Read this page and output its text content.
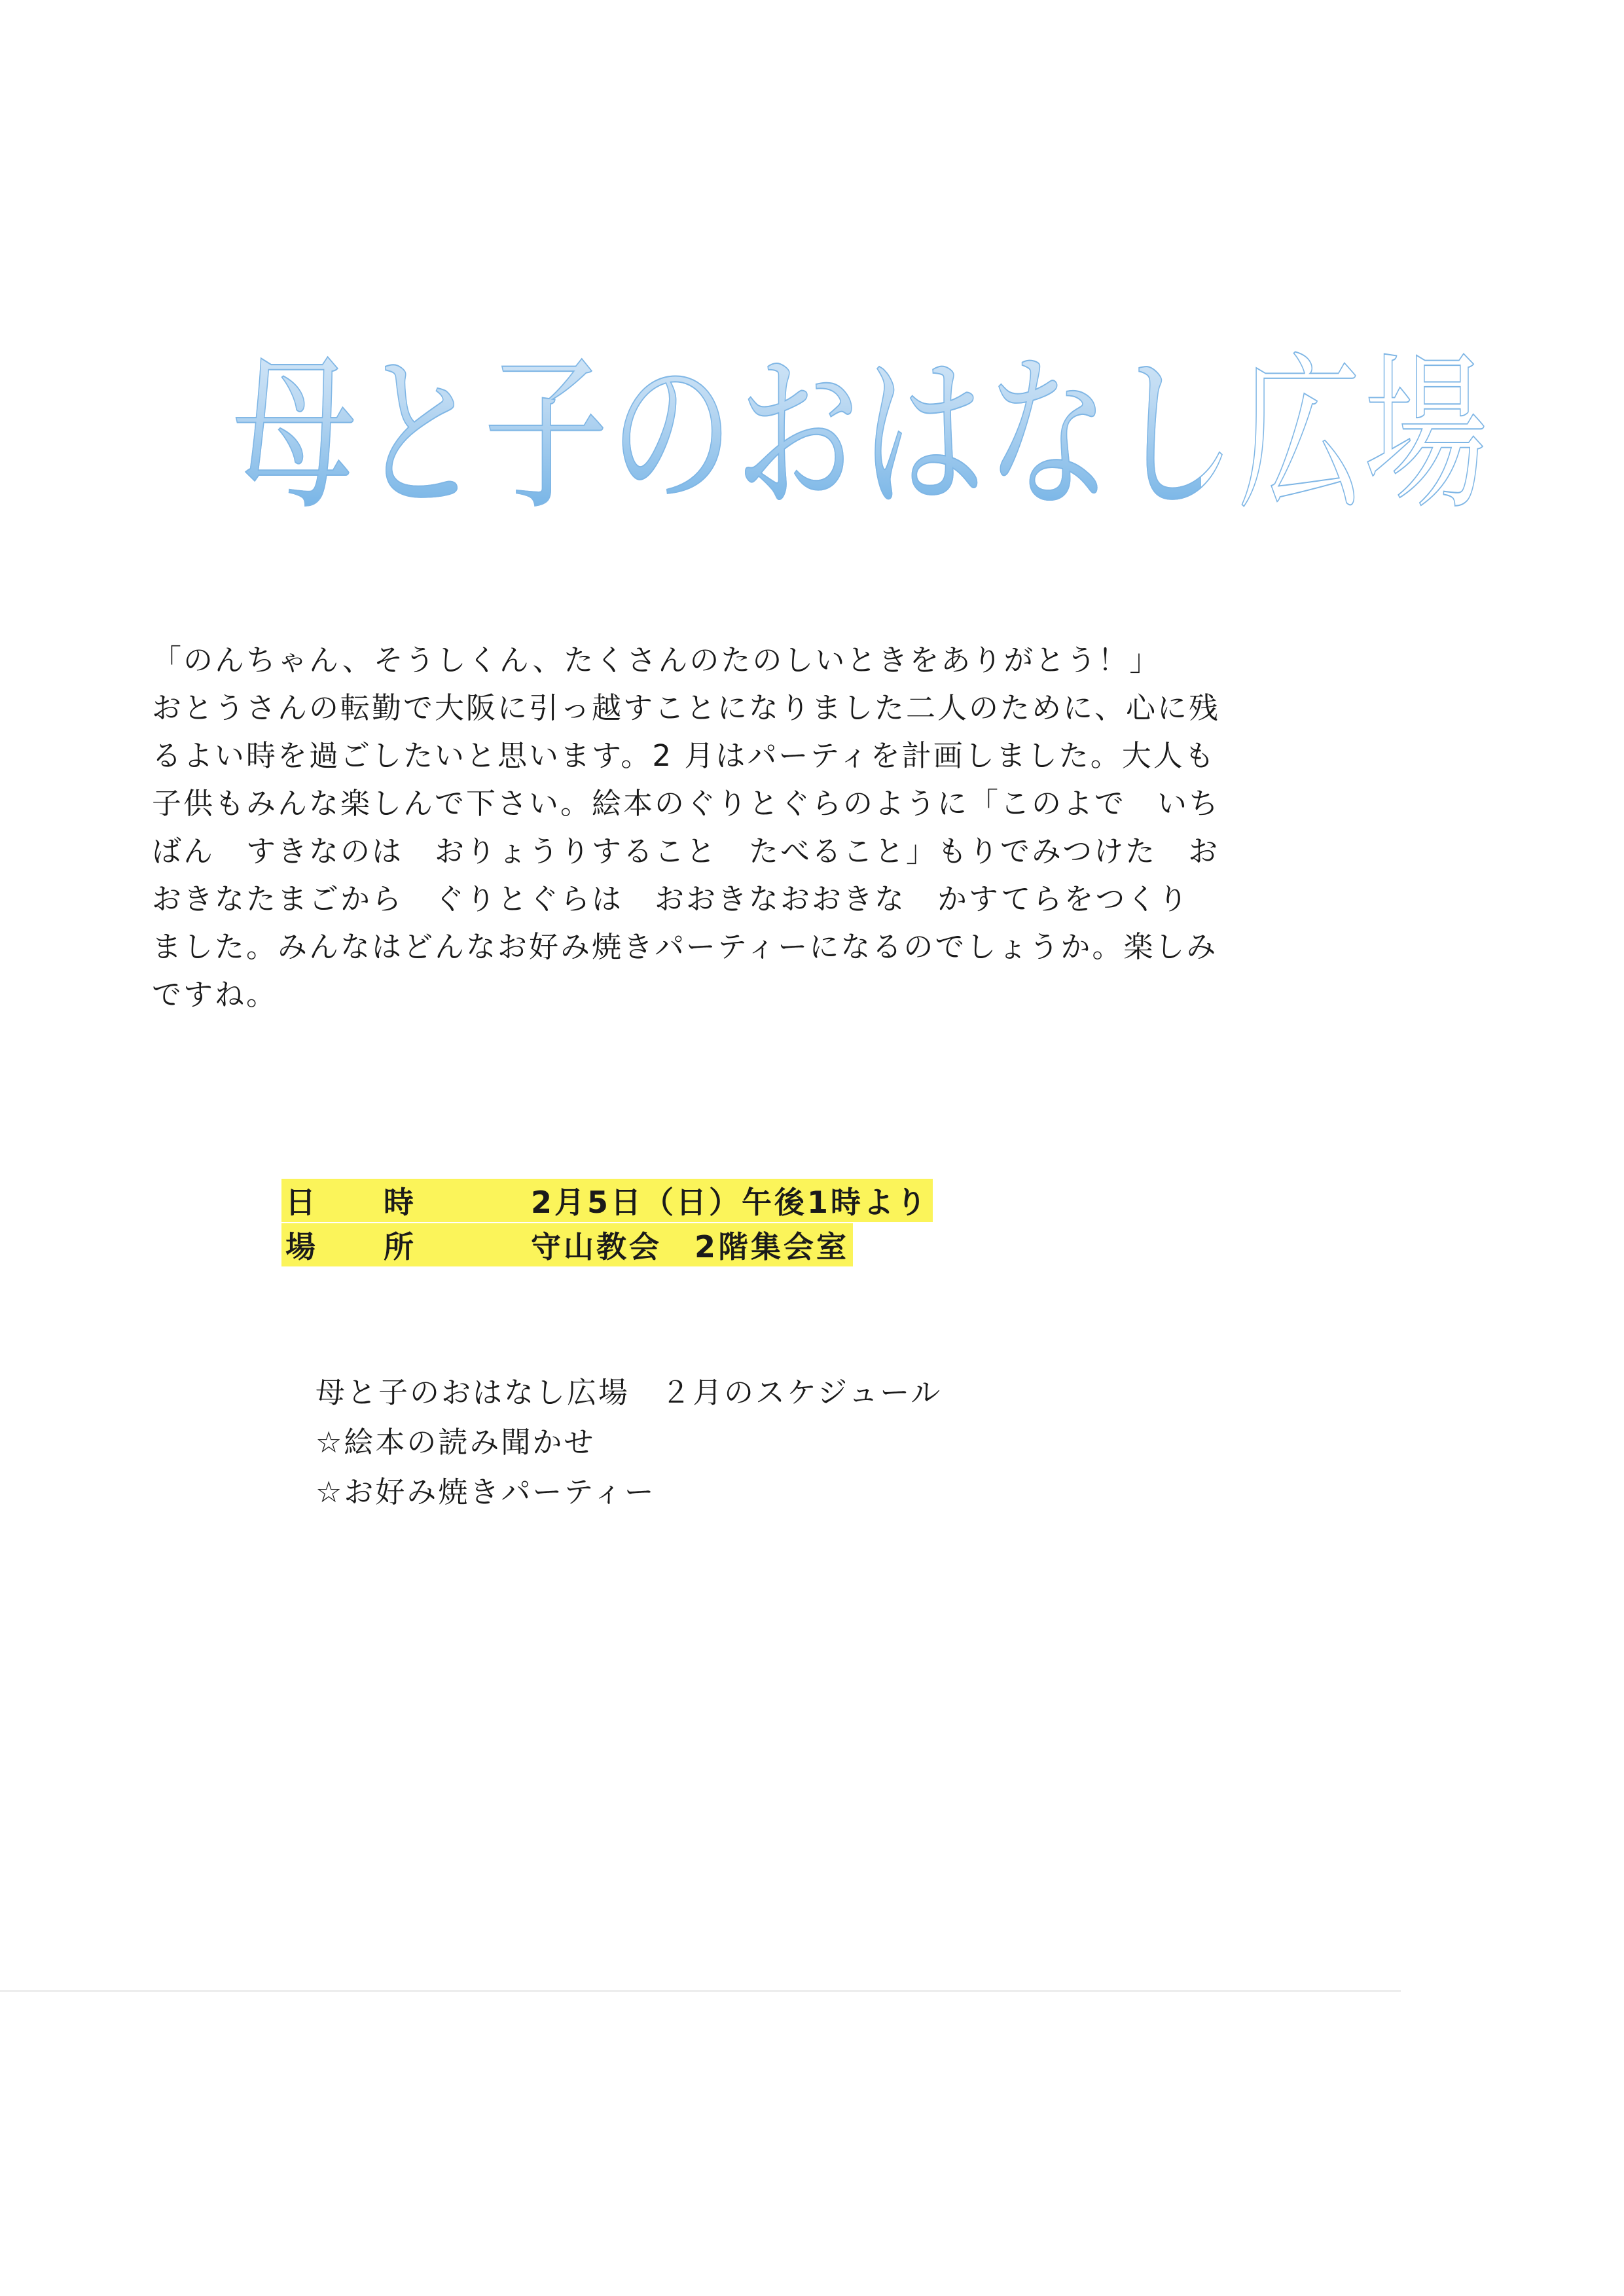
母と子のおはなし広場

「のんちゃん、そうしくん、たくさんのたのしいときをありがとう！」

おとうさんの転勤で大阪に引っ越すことになりました二人のために、心に残

るよい時を過ごしたいと思います。2 月はパーティを計画しました。大人も

子供もみんな楽しんで下さい。絵本のぐりとぐらのように「このよで　いち

ばん　すきなのは　おりょうりすること　たべること」もりでみつけた　お

おきなたまごから　ぐりとぐらは　おおきなおおきな　かすてらをつくり

ました。みんなはどんなお好み焼きパーティーになるのでしょうか。楽しみ

ですね。

日　　時	2月5日（日）午後1時より
場　　所	守山教会　2階集会室
母と子のおはなし広場　２月のスケジュール
☆絵本の読み聞かせ
☆お好み焼きパーティー
